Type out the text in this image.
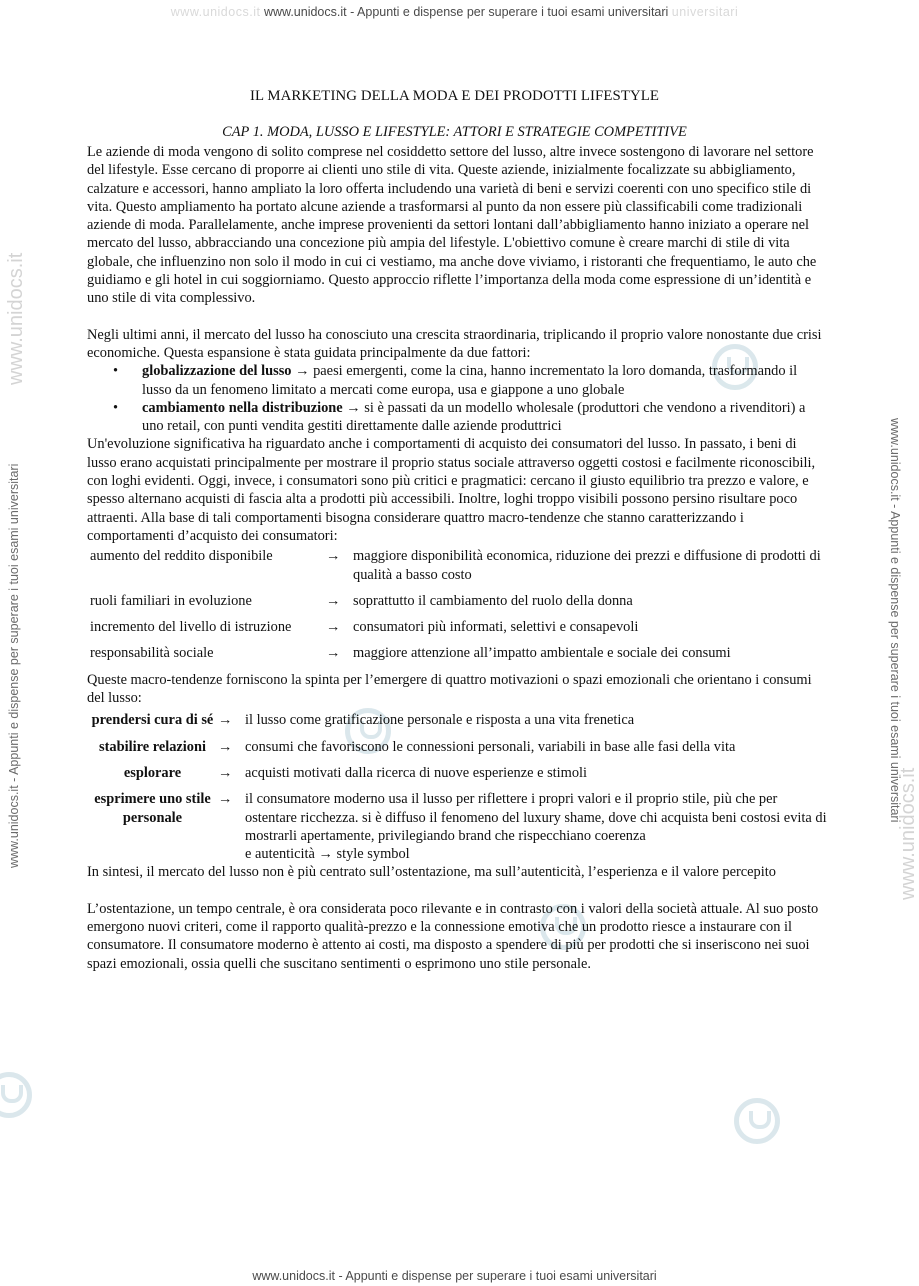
www.unidocs.it www.unidocs.it - Appunti e dispense per superare i tuoi esami universitari universitari
www.unidocs.it - Appunti e dispense per superare i tuoi esami universitari
www.unidocs.it - Appunti e dispense per superare i tuoi esami universitari	www.unidocs.it - Appunti e dispense per superare i tuoi esami universitari
www.unidocs.it
www.unidocs.it
IL MARKETING DELLA MODA E DEI PRODOTTI LIFESTYLE
CAP 1. MODA, LUSSO E LIFESTYLE: ATTORI E STRATEGIE COMPETITIVE

Le aziende di moda vengono di solito comprese nel cosiddetto settore del lusso, altre invece sostengono di lavorare nel settore del lifestyle. Esse cercano di proporre ai clienti uno stile di vita. Queste aziende, inizialmente focalizzate su abbigliamento, calzature e accessori, hanno ampliato la loro offerta includendo una varietà di beni e servizi coerenti con uno specifico stile di vita. Questo ampliamento ha portato alcune aziende a trasformarsi al punto da non essere più classificabili come tradizionali aziende di moda. Parallelamente, anche imprese provenienti da settori lontani dall’abbigliamento hanno iniziato a operare nel mercato del lusso, abbracciando una concezione più ampia del lifestyle. L'obiettivo comune è creare marchi di stile di vita globale, che influenzino non solo il modo in cui ci vestiamo, ma anche dove viviamo, i ristoranti che frequentiamo, le auto che guidiamo e gli hotel in cui soggiorniamo. Questo approccio riflette l’importanza della moda come espressione di un’identità e uno stile di vita complessivo.

Negli ultimi anni, il mercato del lusso ha conosciuto una crescita straordinaria, triplicando il proprio valore nonostante due crisi economiche. Questa espansione è stata guidata principalmente da due fattori:

• globalizzazione del lusso → paesi emergenti, come la cina, hanno incrementato la loro domanda, trasformando il lusso da un fenomeno limitato a mercati come europa, usa e giappone a uno globale
• cambiamento nella distribuzione → si è passati da un modello wholesale (produttori che vendono a rivenditori) a uno retail, con punti vendita gestiti direttamente dalle aziende produttrici

Un'evoluzione significativa ha riguardato anche i comportamenti di acquisto dei consumatori del lusso. In passato, i beni di lusso erano acquistati principalmente per mostrare il proprio status sociale attraverso oggetti costosi e facilmente riconoscibili, con loghi evidenti. Oggi, invece, i consumatori sono più critici e pragmatici: cercano il giusto equilibrio tra prezzo e valore, e spesso alternano acquisti di fascia alta a prodotti più accessibili. Inoltre, loghi troppo visibili possono persino risultare poco attraenti. Alla base di tali comportamenti bisogna considerare quattro macro-tendenze che stanno caratterizzando i comportamenti d’acquisto dei consumatori:

aumento del reddito disponibile	→	maggiore disponibilità economica, riduzione dei prezzi e diffusione di prodotti di qualità a basso costo
ruoli familiari in evoluzione	→	soprattutto il cambiamento del ruolo della donna
incremento del livello di istruzione	→	consumatori più informati, selettivi e consapevoli
responsabilità sociale	→	maggiore attenzione all’impatto ambientale e sociale dei consumi

Queste macro-tendenze forniscono la spinta per l’emergere di quattro motivazioni o spazi emozionali che orientano i consumi del lusso:

prendersi cura di sé	→	il lusso come gratificazione personale e risposta a una vita frenetica
stabilire relazioni	→	consumi che favoriscono le connessioni personali, variabili in base alle fasi della vita
esplorare	→	acquisti motivati dalla ricerca di nuove esperienze e stimoli
esprimere uno stile personale	→	il consumatore moderno usa il lusso per riflettere i propri valori e il proprio stile, più che per ostentare ricchezza. si è diffuso il fenomeno del luxury shame, dove chi acquista beni costosi evita di mostrarli apertamente, privilegiando brand che rispecchiano coerenza
e autenticità → style symbol

In sintesi, il mercato del lusso non è più centrato sull’ostentazione, ma sull’autenticità, l’esperienza e il valore percepito

L’ostentazione, un tempo centrale, è ora considerata poco rilevante e in contrasto con i valori della società attuale. Al suo posto emergono nuovi criteri, come il rapporto qualità-prezzo e la connessione emotiva che un prodotto riesce a instaurare con il consumatore. Il consumatore moderno è attento ai costi, ma disposto a spendere di più per prodotti che si inseriscono nei suoi spazi emozionali, ossia quelli che suscitano sentimenti o esprimono uno stile personale.
